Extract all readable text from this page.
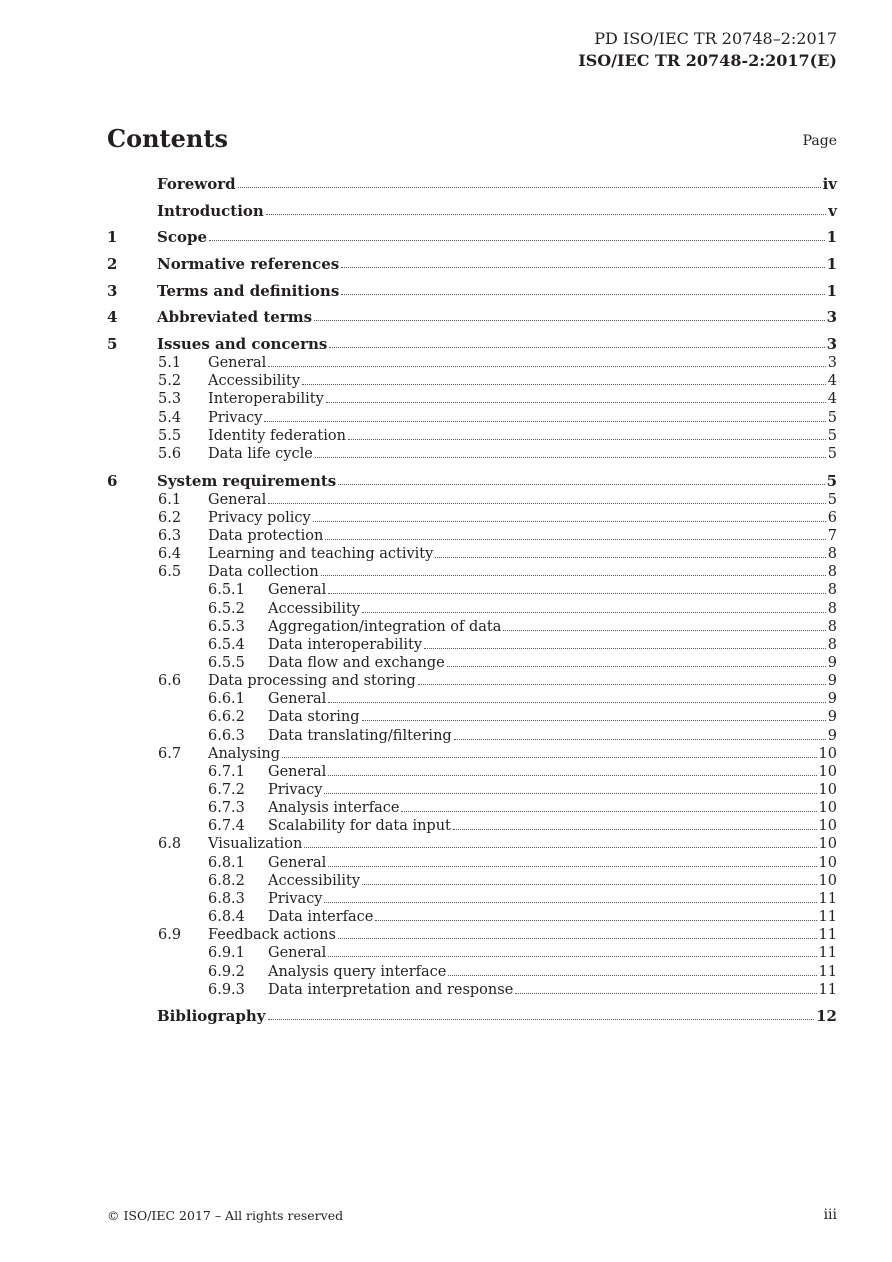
PD ISO/IEC TR 20748–2:2017
ISO/IEC TR 20748-2:2017(E)
Contents	Page
Foreword	iv
Introduction	v
1	Scope	1
2	Normative references	1
3	Terms and definitions	1
4	Abbreviated terms	3
5	Issues and concerns	3
5.1	General	3
5.2	Accessibility	4
5.3	Interoperability	4
5.4	Privacy	5
5.5	Identity federation	5
5.6	Data life cycle	5
6	System requirements	5
6.1	General	5
6.2	Privacy policy	6
6.3	Data protection	7
6.4	Learning and teaching activity	8
6.5	Data collection	8
6.5.1	General	8
6.5.2	Accessibility	8
6.5.3	Aggregation/integration of data	8
6.5.4	Data interoperability	8
6.5.5	Data flow and exchange	9
6.6	Data processing and storing	9
6.6.1	General	9
6.6.2	Data storing	9
6.6.3	Data translating/filtering	9
6.7	Analysing	10
6.7.1	General	10
6.7.2	Privacy	10
6.7.3	Analysis interface	10
6.7.4	Scalability for data input	10
6.8	Visualization	10
6.8.1	General	10
6.8.2	Accessibility	10
6.8.3	Privacy	11
6.8.4	Data interface	11
6.9	Feedback actions	11
6.9.1	General	11
6.9.2	Analysis query interface	11
6.9.3	Data interpretation and response	11
Bibliography	12
© ISO/IEC 2017 – All rights reserved	iii
